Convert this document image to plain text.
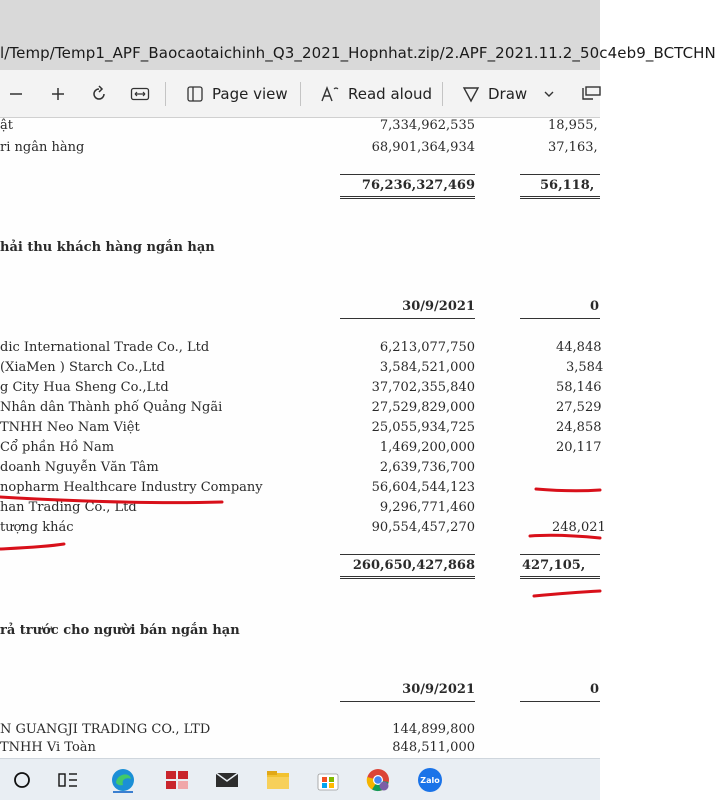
l/Temp/Temp1_APF_Baocaotaichinh_Q3_2021_Hopnhat.zip/2.APF_2021.11.2_50c4eb9_BCTCHN
Page view	Read aloud	Draw
ật	7,334,962,535	18,955,
ri ngân hàng	68,901,364,934	37,163,
76,236,327,469	56,118,
hải thu khách hàng ngắn hạn
30/9/2021	0
dic International Trade Co., Ltd	6,213,077,750	44,848
(XiaMen ) Starch Co.,Ltd	3,584,521,000	3,584
g City Hua Sheng Co.,Ltd	37,702,355,840	58,146
Nhân dân Thành phố Quảng Ngãi	27,529,829,000	27,529
TNHH Neo Nam Việt	25,055,934,725	24,858
Cổ phần Hồ Nam	1,469,200,000	20,117
doanh Nguyễn Văn Tâm	2,639,736,700
nopharm Healthcare Industry Company	56,604,544,123
han Trading Co., Ltd	9,296,771,460
tượng khác	90,554,457,270	248,021
260,650,427,868	427,105,
rả trước cho người bán ngắn hạn
30/9/2021	0
N GUANGJI TRADING CO., LTD	144,899,800
TNHH Vi Toàn	848,511,000
Zalo
